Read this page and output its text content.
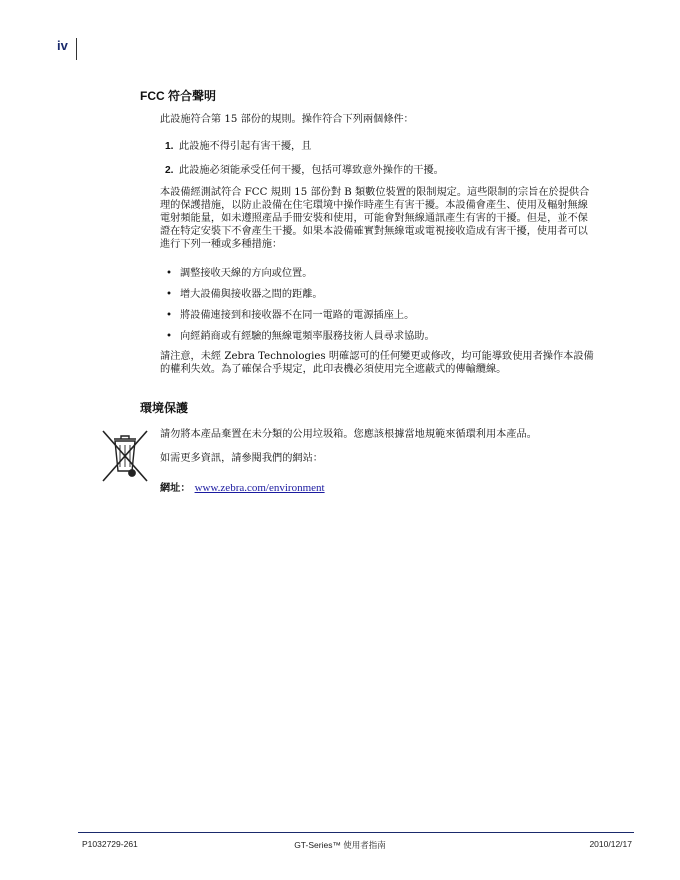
iv
FCC 符合聲明

此設施符合第 15 部份的規則。操作符合下列兩個條件：

1. 此設施不得引起有害干擾，且
2. 此設施必須能承受任何干擾，包括可導致意外操作的干擾。

本設備經測試符合 FCC 規則 15 部份對 B 類數位裝置的限制規定。這些限制的宗旨在於提供合理的保護措施，以防止設備在住宅環境中操作時產生有害干擾。本設備會產生、使用及輻射無線電射頻能量，如未遵照產品手冊安裝和使用，可能會對無線通訊產生有害的干擾。但是，並不保證在特定安裝下不會產生干擾。如果本設備確實對無線電或電視接收造成有害干擾，使用者可以進行下列一種或多種措施：

• 調整接收天線的方向或位置。
• 增大設備與接收器之間的距離。
• 將設備連接到和接收器不在同一電路的電源插座上。
• 向經銷商或有經驗的無線電頻率服務技術人員尋求協助。

請注意，未經 Zebra Technologies 明確認可的任何變更或修改，均可能導致使用者操作本設備的權利失效。為了確保合乎規定，此印表機必須使用完全遮蔽式的傳輸纜線。

環境保護

請勿將本產品棄置在未分類的公用垃圾箱。您應該根據當地規範來循環利用本產品。

如需更多資訊，請參閱我們的網站：

網址： www.zebra.com/environment
P1032729-261	GT-Series™ 使用者指南	2010/12/17
